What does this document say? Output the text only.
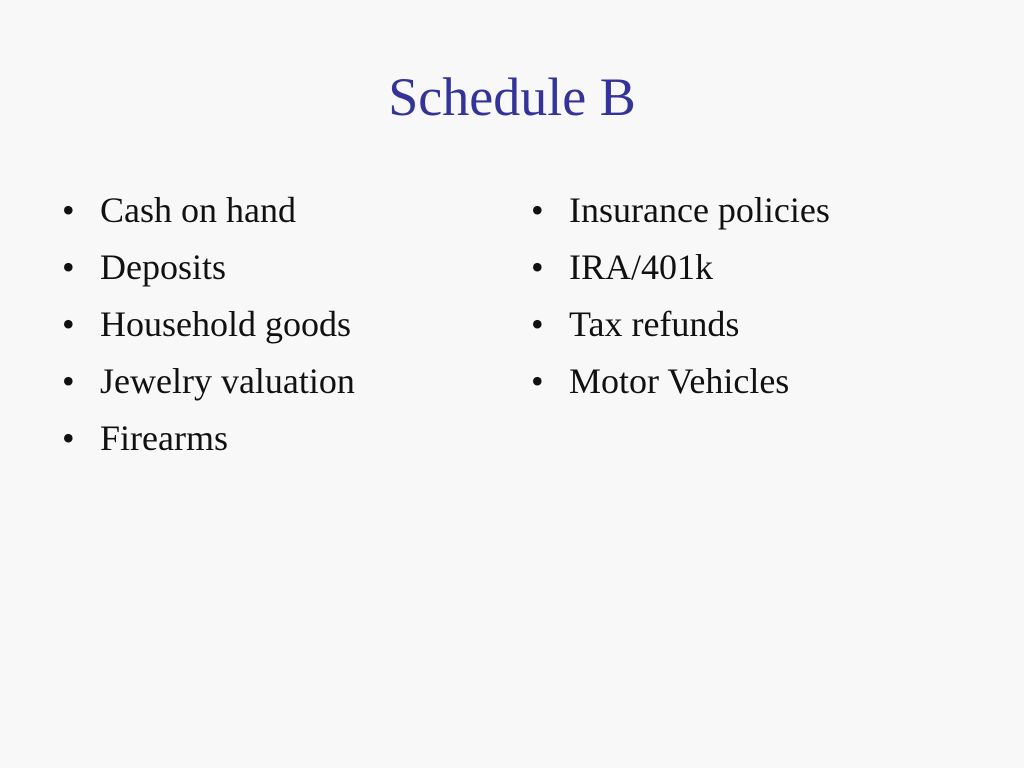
Schedule B
• Cash on hand
• Deposits
• Household goods
• Jewelry valuation
• Firearms
• Insurance policies
• IRA/401k
• Tax refunds
• Motor Vehicles
